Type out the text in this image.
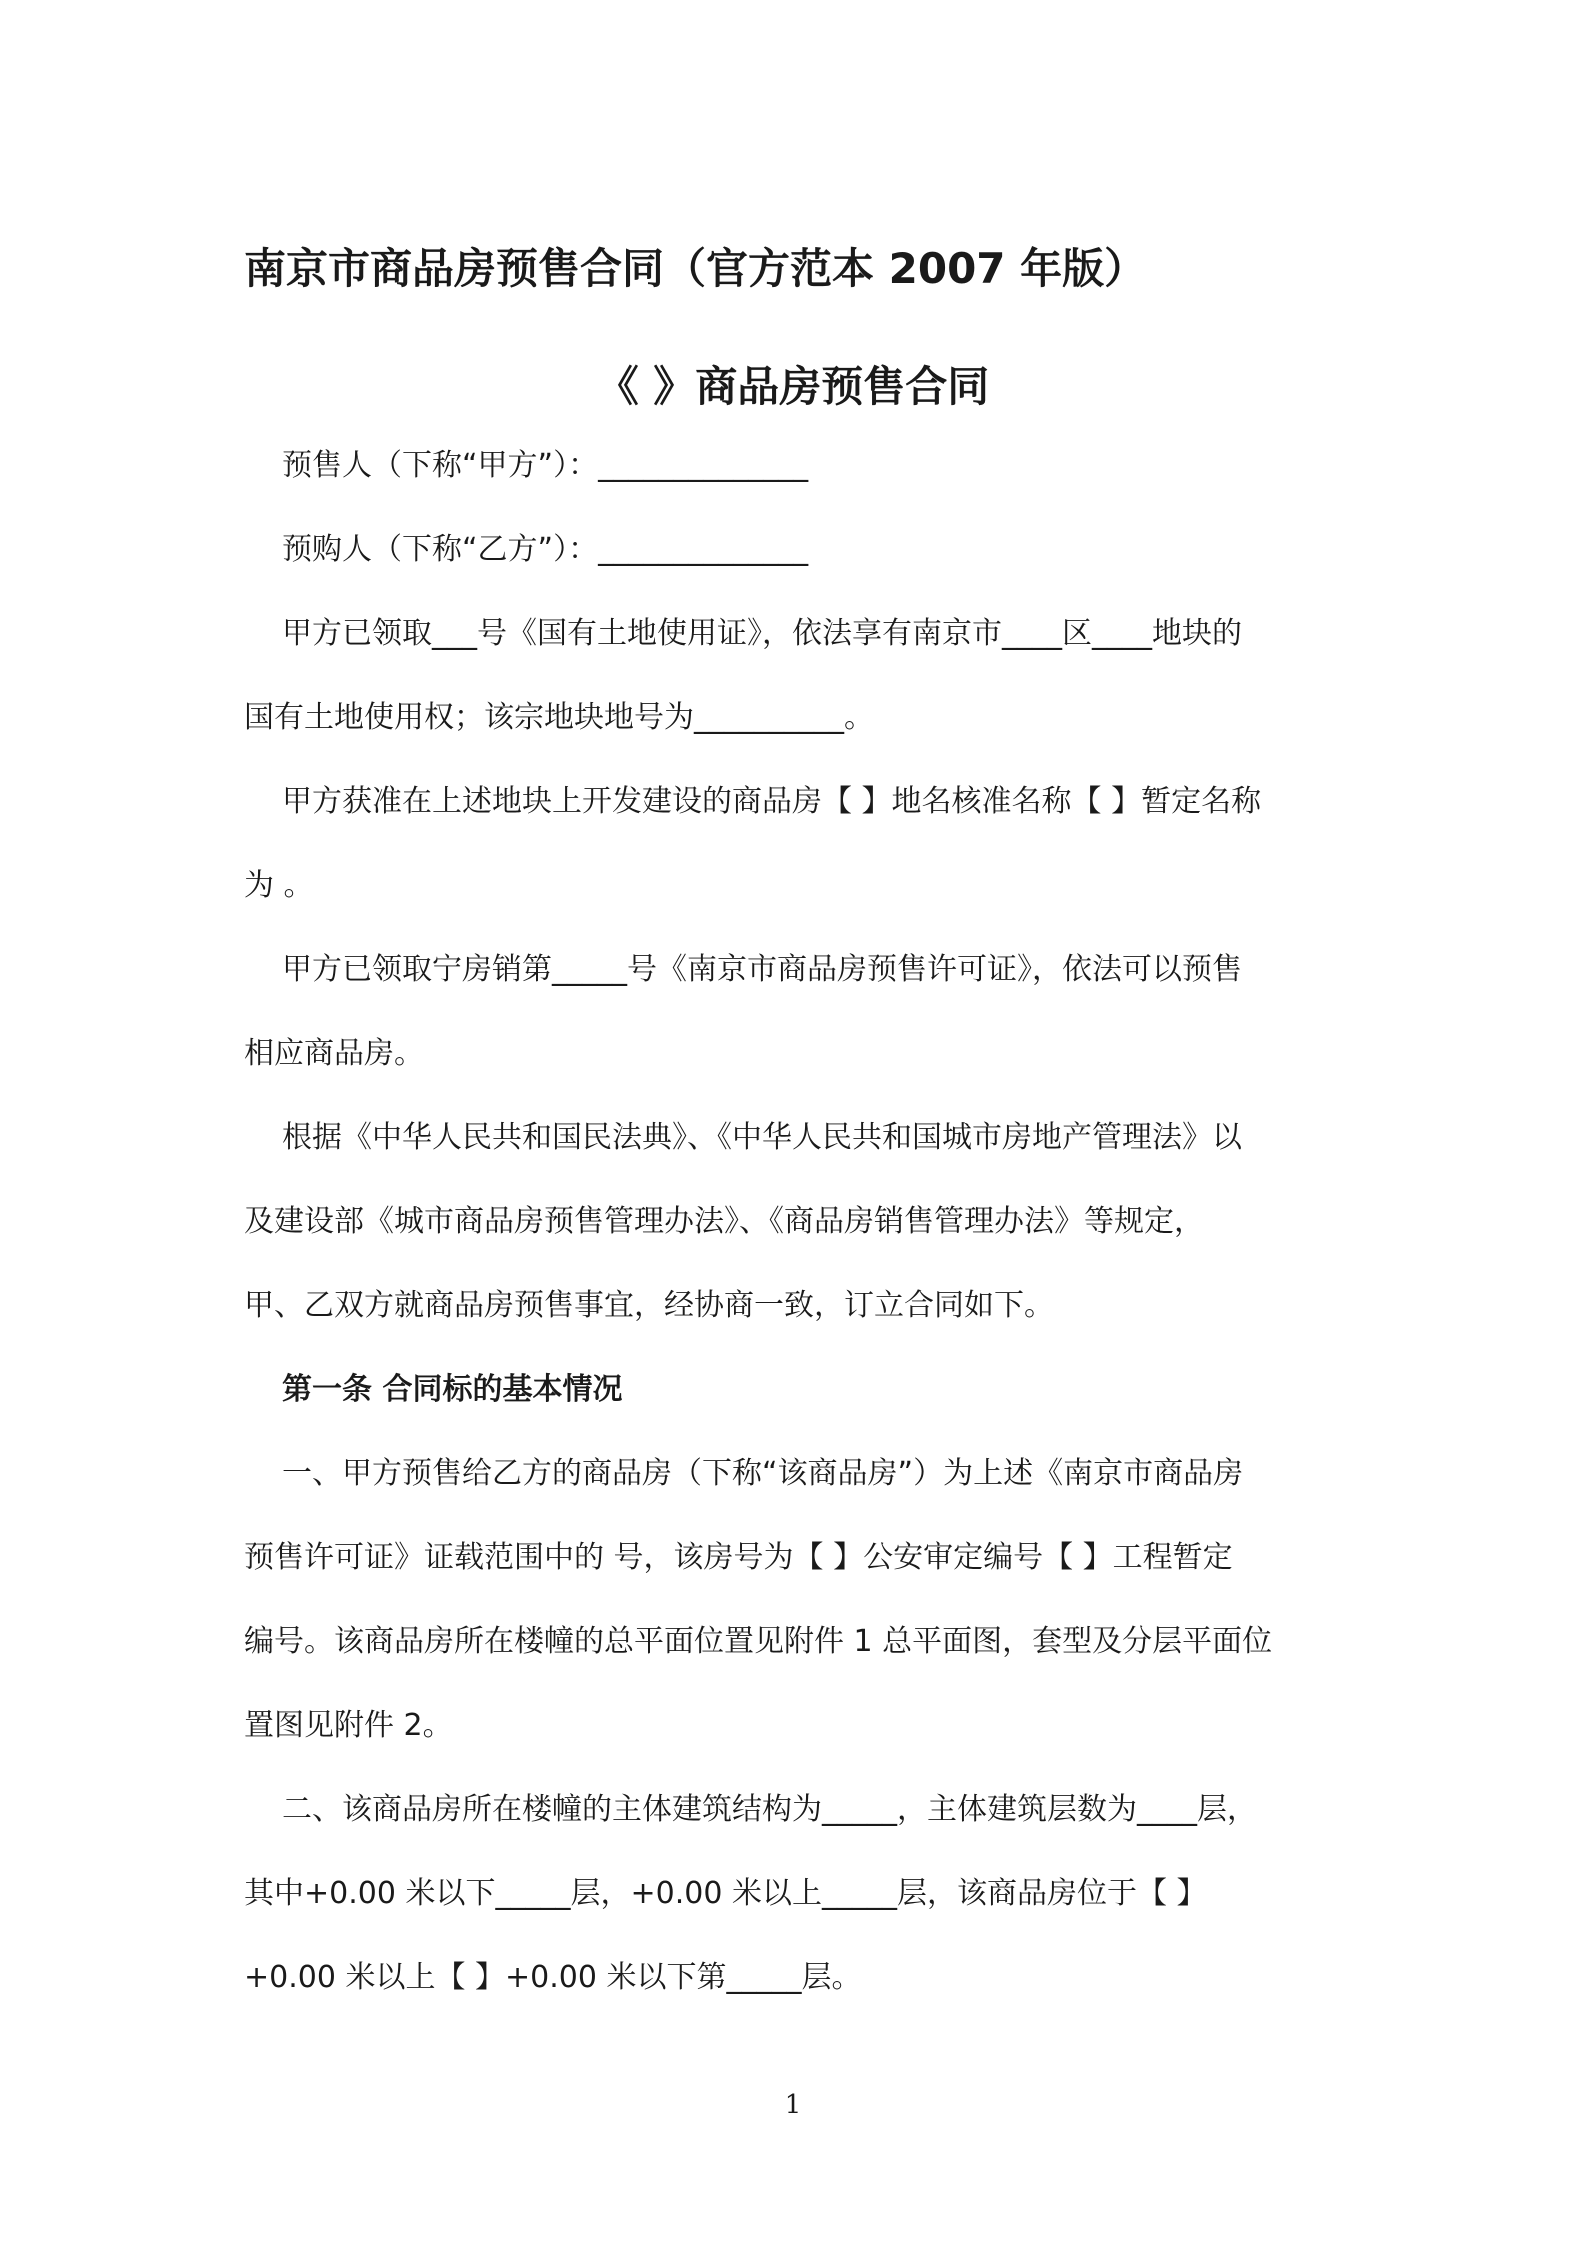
南京市商品房预售合同（官方范本 2007 年版）
《 》商品房预售合同
预售人（下称“甲方”）：______________
预购人（下称“乙方”）：______________
甲方已领取___号《国有土地使用证》，依法享有南京市____区____地块的
国有土地使用权；该宗地块地号为__________。
甲方获准在上述地块上开发建设的商品房【 】地名核准名称【 】暂定名称
为 。
甲方已领取宁房销第_____号《南京市商品房预售许可证》，依法可以预售
相应商品房。
根据《中华人民共和国民法典》、《中华人民共和国城市房地产管理法》以
及建设部《城市商品房预售管理办法》、《商品房销售管理办法》等规定，
甲、乙双方就商品房预售事宜，经协商一致，订立合同如下。
第一条 合同标的基本情况
一、甲方预售给乙方的商品房（下称“该商品房”）为上述《南京市商品房
预售许可证》证载范围中的 号，该房号为【 】公安审定编号【 】工程暂定
编号。该商品房所在楼幢的总平面位置见附件 1 总平面图，套型及分层平面位
置图见附件 2。
二、该商品房所在楼幢的主体建筑结构为_____，主体建筑层数为____层，
其中+0.00 米以下_____层，+0.00 米以上_____层，该商品房位于【 】
+0.00 米以上【 】+0.00 米以下第_____层。
1
